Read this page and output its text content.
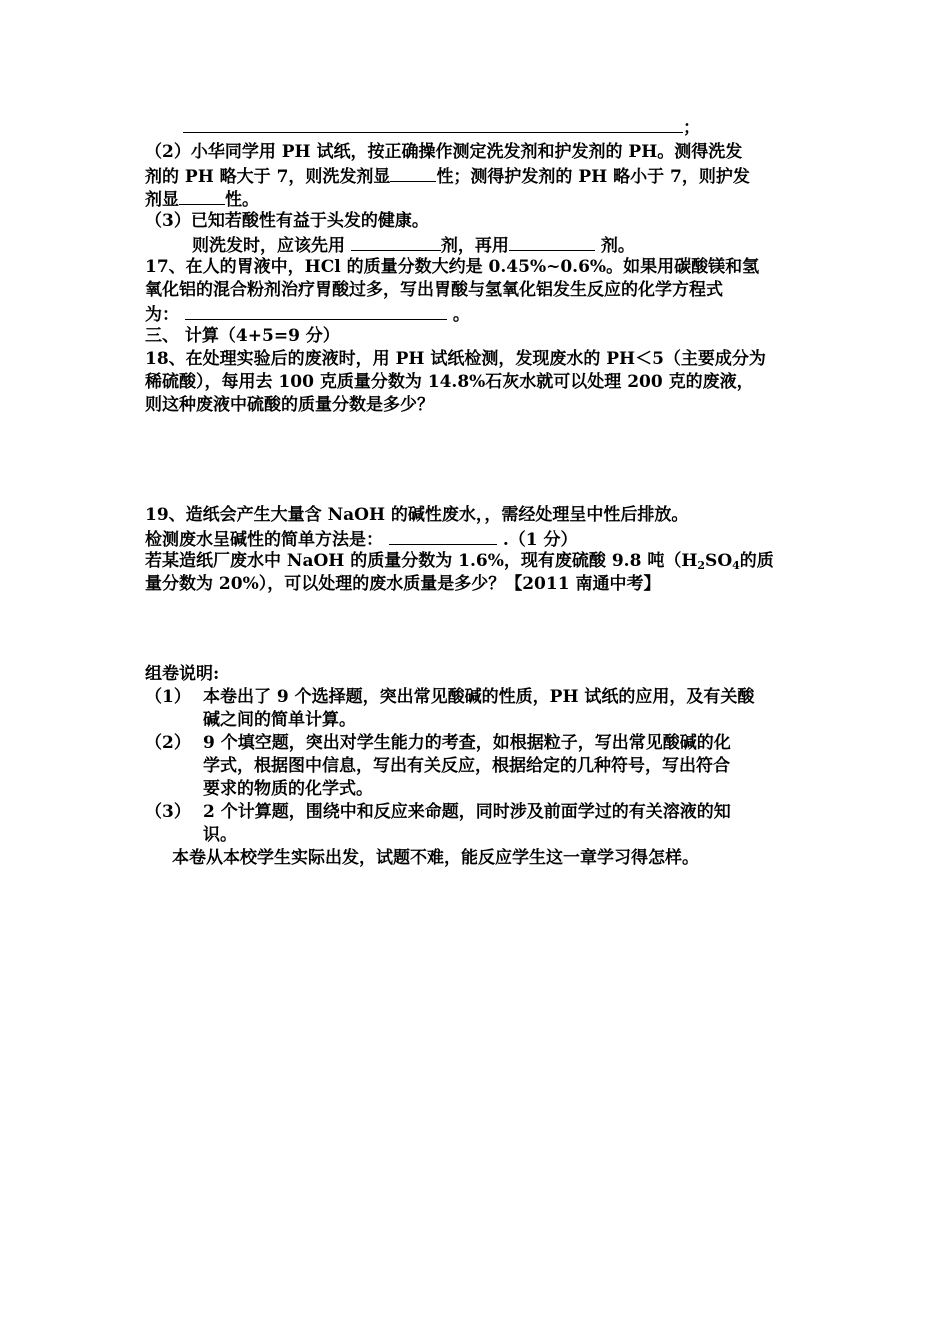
；
（2）小华同学用 PH 试纸，按正确操作测定洗发剂和护发剂的 PH。测得洗发
剂的 PH 略大于 7，则洗发剂显	性；测得护发剂的 PH 略小于 7，则护发
剂显	性。
（3）已知若酸性有益于头发的健康。
则洗发时，应该先用	剂，再用	剂。
17、在人的胃液中，HCl 的质量分数大约是 0.45%~0.6%。如果用碳酸镁和氢
氧化铝的混合粉剂治疗胃酸过多，写出胃酸与氢氧化铝发生反应的化学方程式
为：	。
三、 计算（4+5=9 分）
18、在处理实验后的废液时，用 PH 试纸检测，发现废水的 PH＜5（主要成分为
稀硫酸），每用去 100 克质量分数为 14.8%石灰水就可以处理 200 克的废液，
则这种废液中硫酸的质量分数是多少？
19、造纸会产生大量含 NaOH 的碱性废水，，需经处理呈中性后排放。
检测废水呈碱性的简单方法是：	.（1 分）
若某造纸厂废水中 NaOH 的质量分数为 1.6%，现有废硫酸 9.8 吨（$H_2SO_4$的质
量分数为 20%），可以处理的废水质量是多少？【2011 南通中考】
组卷说明:
（1） 本卷出了 9 个选择题，突出常见酸碱的性质，PH 试纸的应用，及有关酸
碱之间的简单计算。
（2） 9 个填空题，突出对学生能力的考查，如根据粒子，写出常见酸碱的化
学式，根据图中信息，写出有关反应，根据给定的几种符号，写出符合
要求的物质的化学式。
（3） 2 个计算题，围绕中和反应来命题，同时涉及前面学过的有关溶液的知
识。
本卷从本校学生实际出发，试题不难，能反应学生这一章学习得怎样。
